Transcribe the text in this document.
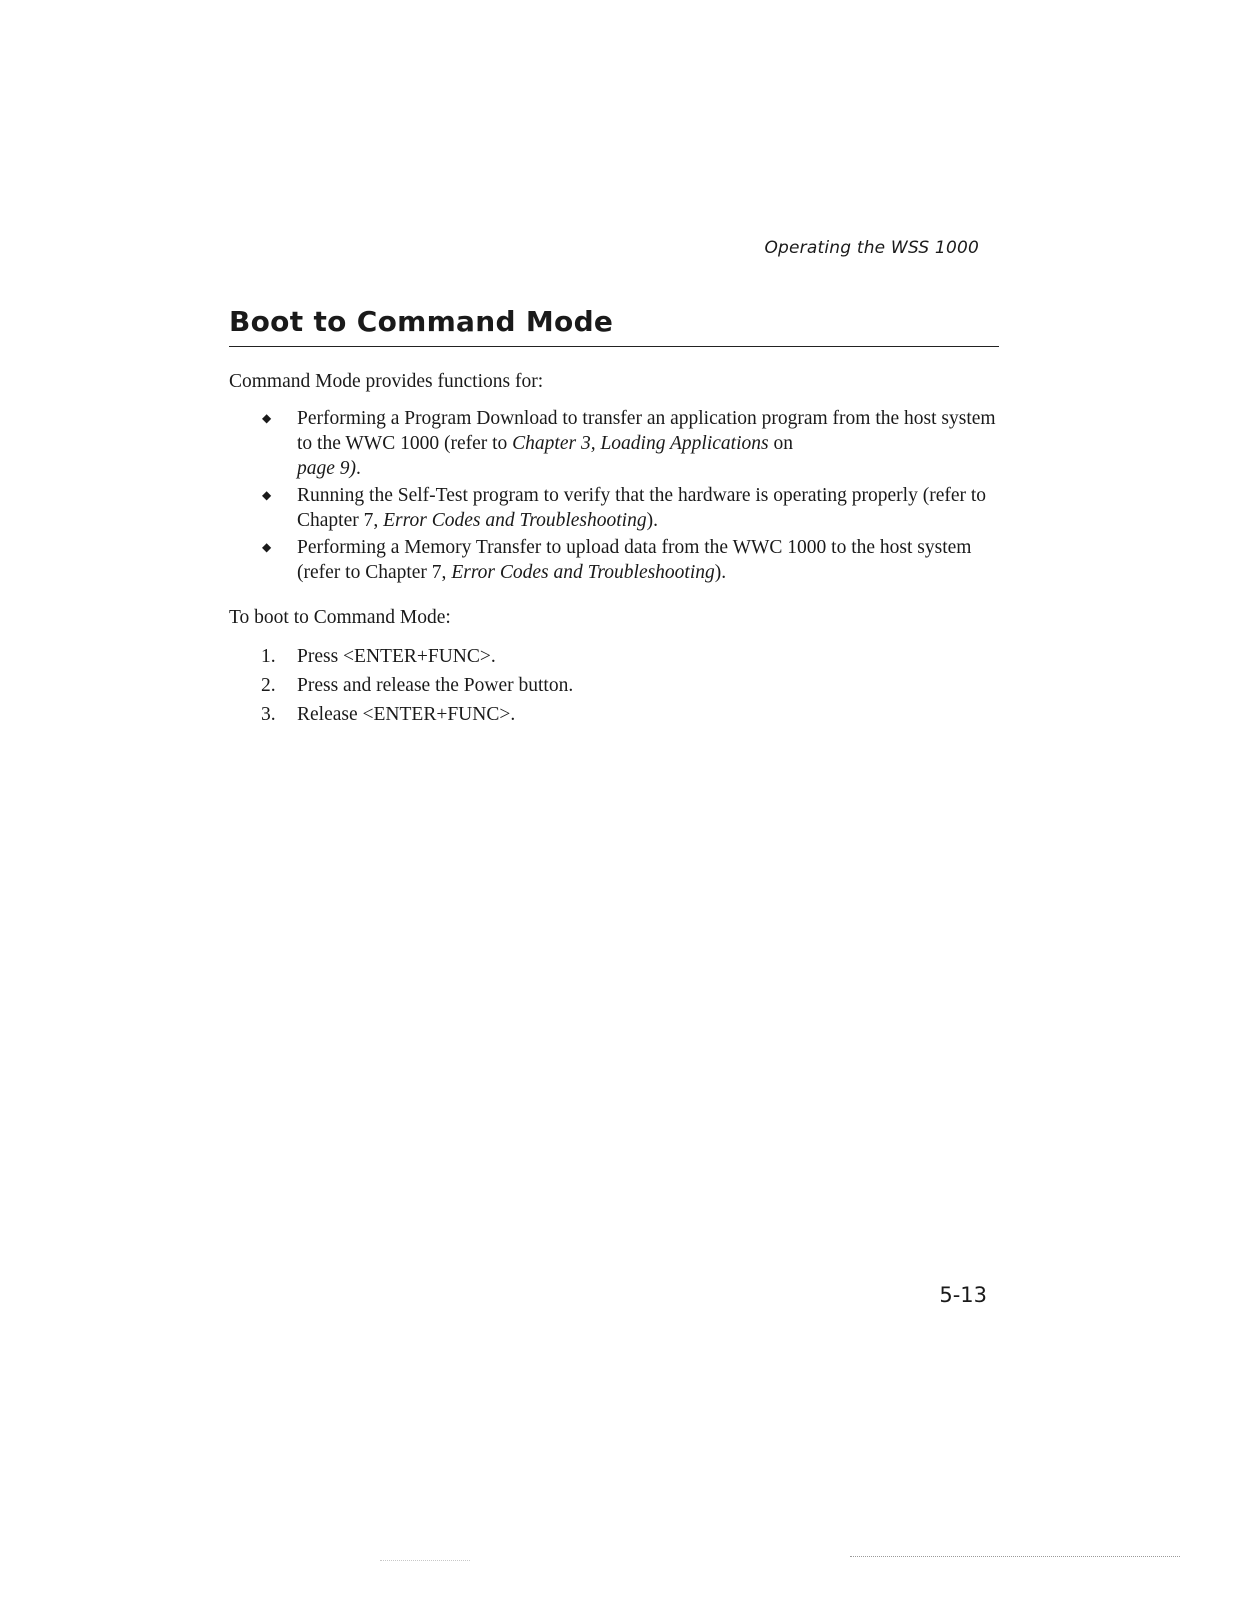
Operating the WSS 1000
Boot to Command Mode

Command Mode provides functions for:

◆ Performing a Program Download to transfer an application program from the host system to the WWC 1000 (refer to Chapter 3, Loading Applications on
page 9).
◆ Running the Self-Test program to verify that the hardware is operating properly (refer to Chapter 7, Error Codes and Troubleshooting).
◆ Performing a Memory Transfer to upload data from the WWC 1000 to the host system (refer to Chapter 7, Error Codes and Troubleshooting).

To boot to Command Mode:

1. Press <ENTER+FUNC>.
2. Press and release the Power button.
3. Release <ENTER+FUNC>.
5-13
